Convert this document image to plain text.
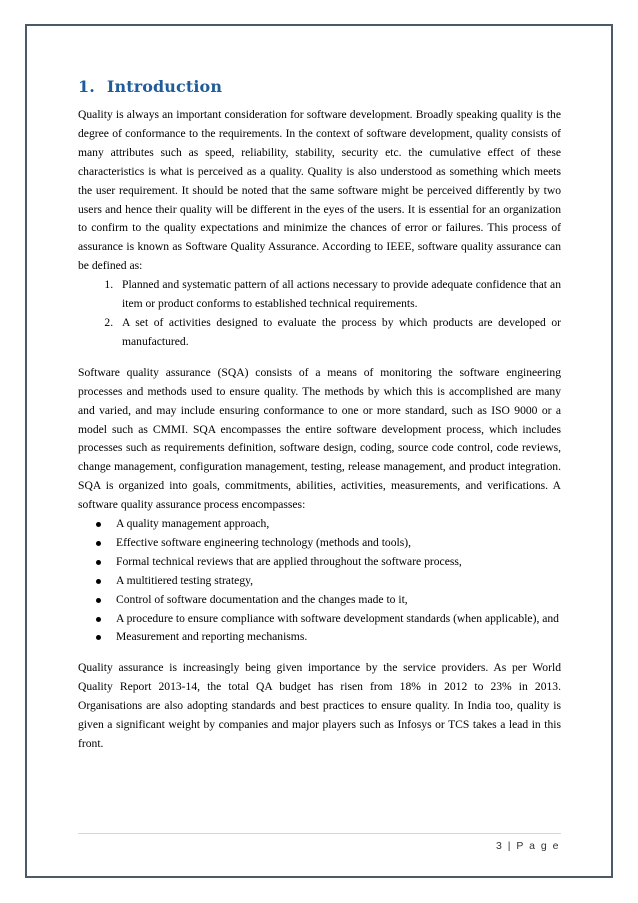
1. Introduction

Quality is always an important consideration for software development. Broadly speaking quality is the degree of conformance to the requirements. In the context of software development, quality consists of many attributes such as speed, reliability, stability, security etc. the cumulative effect of these characteristics is what is perceived as a quality. Quality is also understood as something which meets the user requirement. It should be noted that the same software might be perceived differently by two users and hence their quality will be different in the eyes of the users. It is essential for an organization to confirm to the quality expectations and minimize the chances of error or failures. This process of assurance is known as Software Quality Assurance. According to IEEE, software quality assurance can be defined as:

1. Planned and systematic pattern of all actions necessary to provide adequate confidence that an item or product conforms to established technical requirements.
2. A set of activities designed to evaluate the process by which products are developed or manufactured.

Software quality assurance (SQA) consists of a means of monitoring the software engineering processes and methods used to ensure quality. The methods by which this is accomplished are many and varied, and may include ensuring conformance to one or more standard, such as ISO 9000 or a model such as CMMI. SQA encompasses the entire software development process, which includes processes such as requirements definition, software design, coding, source code control, code reviews, change management, configuration management, testing, release management, and product integration. SQA is organized into goals, commitments, abilities, activities, measurements, and verifications. A software quality assurance process encompasses:

A quality management approach,
Effective software engineering technology (methods and tools),
Formal technical reviews that are applied throughout the software process,
A multitiered testing strategy,
Control of software documentation and the changes made to it,
A procedure to ensure compliance with software development standards (when applicable), and
Measurement and reporting mechanisms.

Quality assurance is increasingly being given importance by the service providers. As per World Quality Report 2013-14, the total QA budget has risen from 18% in 2012 to 23% in 2013. Organisations are also adopting standards and best practices to ensure quality. In India too, quality is given a significant weight by companies and major players such as Infosys or TCS takes a lead in this front.

3 | P a g e
